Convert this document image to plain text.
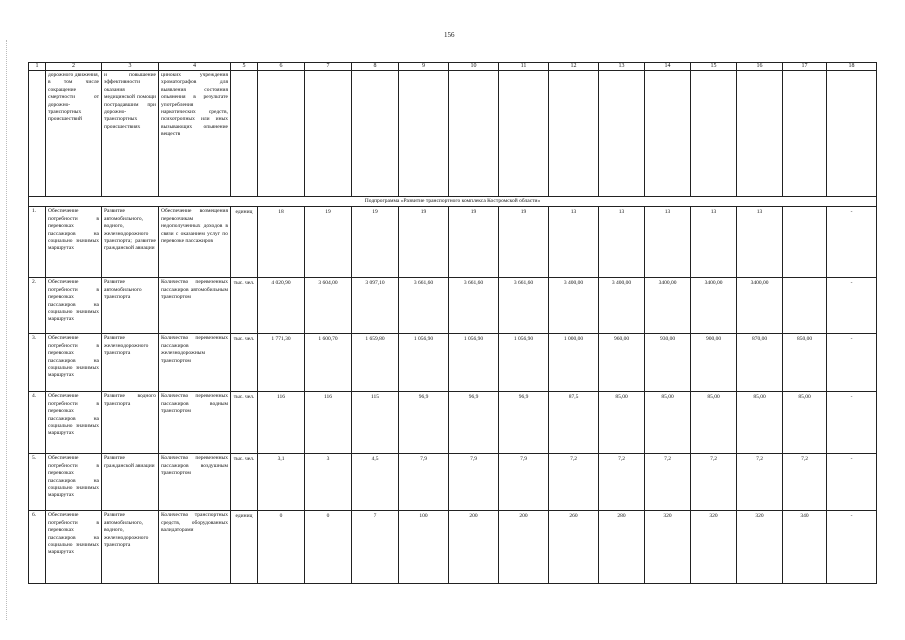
156
1	2	3	4	5	6	7	8	9	10	11	12	13	14	15	16	17	18
	дорожного движения, в том числе сокращение смертности от дорожно-транспортных происшествий	и повышение эффективности оказания медицинской помощи пострадавшим при дорожно-транспортных происшествиях	циноких учреждения хроматографов для выявления состояния опьянения в результате употребления наркотических средств, психотропных или иных вызывающих опьянение веществ														
Подпрограмма «Развитие транспортного комплекса Костромской области»																	
1.	Обеспечение потребности в перевозках пассажиров на социально значимых маршрутах	Развитие автомобильного, водного, железнодорожного транспорта; развитие гражданской авиации	Обеспечение возмещения перевозчикам недополученных доходов в связи с оказанием услуг по перевозке пассажиров	единиц	18	19	19	19	19	19	13	13	13	13	13		-
2.	Обеспечение потребности в перевозках пассажиров на социально значимых маршрутах	Развитие автомобильного транспорта	Количество перевезенных пассажиров автомобильным транспортом	тыс. чел.	4 020,90	3 604,00	3 097,10	3 661,60	3 661,60	3 661,60	3 400,00	3 400,00	3400,00	3400,00	3400,00		-
3.	Обеспечение потребности в перевозках пассажиров на социально значимых маршрутах	Развитие железнодорожного транспорта	Количество перевезенных пассажиров железнодорожным транспортом	тыс. чел.	1 771,30	1 600,70	1 659,80	1 056,90	1 056,90	1 056,90	1 000,00	960,00	930,00	900,00	870,00	850,00	-
4.	Обеспечение потребности в перевозках пассажиров на социально значимых маршрутах	Развитие водного транспорта	Количество перевезенных пассажиров водным транспортом	тыс. чел.	116	116	115	96,9	96,9	96,9	87,5	85,00	85,00	85,00	85,00	85,00	-
5.	Обеспечение потребности в перевозках пассажиров на социально значимых маршрутах	Развитие гражданской авиации	Количество перевезенных пассажиров воздушным транспортом	тыс. чел.	3,1	3	4,5	7,9	7,9	7,9	7,2	7,2	7,2	7,2	7,2	7,2	-
6.	Обеспечение потребности в перевозках пассажиров на социально значимых маршрутах	Развитие автомобильного, водного, железнодорожного транспорта	Количество транспортных средств, оборудованных валидаторами	единиц	0	0	7	100	200	200	260	280	320	320	320	340	-
